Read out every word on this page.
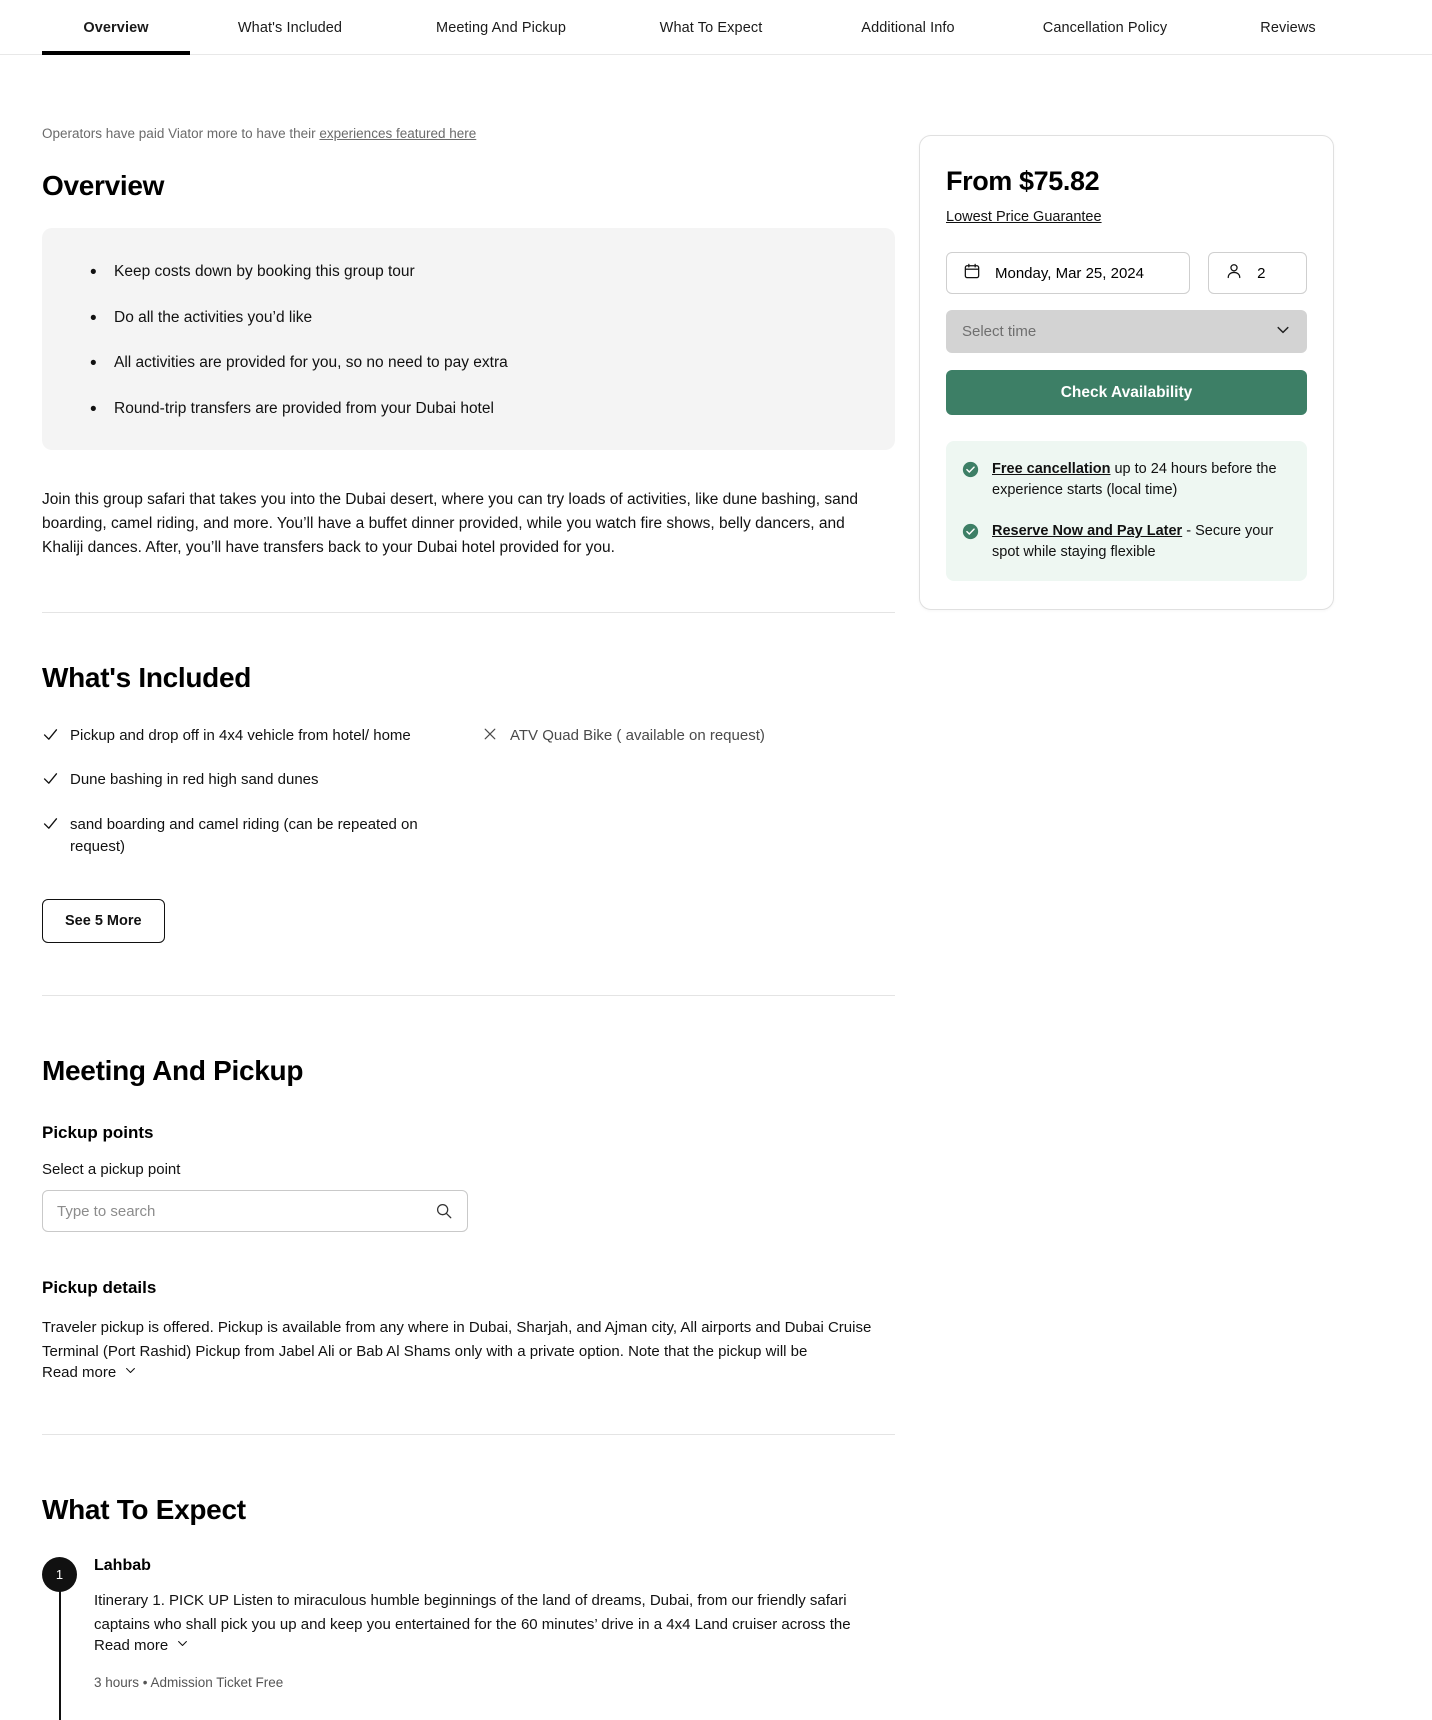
Overview	What's Included	Meeting And Pickup	What To Expect	Additional Info	Cancellation Policy	Reviews
Operators have paid Viator more to have their experiences featured here
Overview
• Keep costs down by booking this group tour
• Do all the activities you’d like
• All activities are provided for you, so no need to pay extra
• Round-trip transfers are provided from your Dubai hotel

Join this group safari that takes you into the Dubai desert, where you can try loads of activities, like dune bashing, sand boarding, camel riding, and more. You’ll have a buffet dinner provided, while you watch fire shows, belly dancers, and Khaliji dances. After, you’ll have transfers back to your Dubai hotel provided for you.

What's Included
Pickup and drop off in 4x4 vehicle from hotel/ home
Dune bashing in red high sand dunes
sand boarding and camel riding (can be repeated on request)
ATV Quad Bike ( available on request)
See 5 More
Meeting And Pickup
Pickup points
Select a pickup point
Type to search
Pickup details

Traveler pickup is offered. Pickup is available from any where in Dubai, Sharjah, and Ajman city, All airports and Dubai Cruise Terminal (Port Rashid) Pickup from Jabel Ali or Bab Al Shams only with a private option. Note that the pickup will be

Read more
What To Expect
1
Lahbab

Itinerary 1. PICK UP Listen to miraculous humble beginnings of the land of dreams, Dubai, from our friendly safari captains who shall pick you up and keep you entertained for the 60 minutes’ drive in a 4x4 Land cruiser across the

Read more
3 hours • Admission Ticket Free
From $75.82
Lowest Price Guarantee
Monday, Mar 25, 2024	2
Select time
Check Availability
Free cancellation up to 24 hours before the experience starts (local time)
Reserve Now and Pay Later - Secure your spot while staying flexible
